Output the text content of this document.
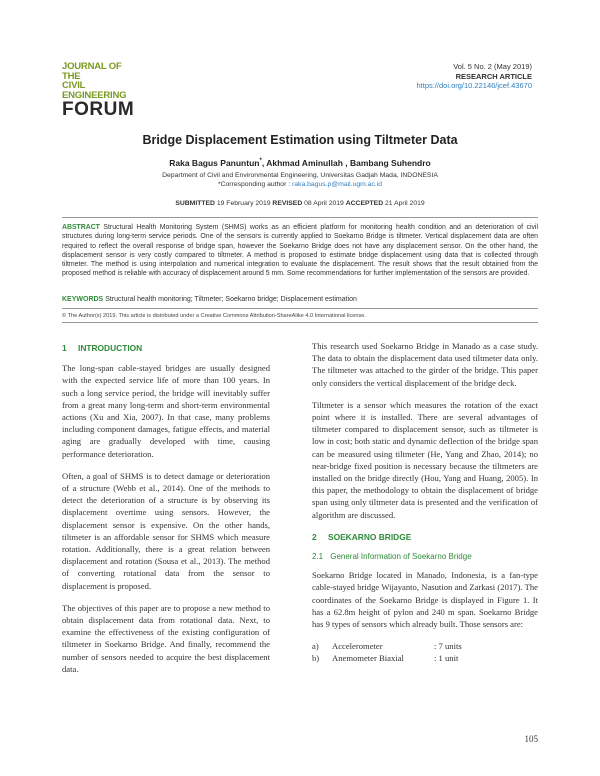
JOURNAL OF THE
CIVIL ENGINEERING
FORUM
Vol. 5 No. 2 (May 2019)
RESEARCH ARTICLE
https://doi.org/10.22146/jcef.43670
Bridge Displacement Estimation using Tiltmeter Data
Raka Bagus Panuntun*, Akhmad Aminullah , Bambang Suhendro
Department of Civil and Environmental Engineering, Universitas Gadjah Mada, INDONESIA
*Corresponding author : raka.bagus.p@mail.ugm.ac.id
SUBMITTED 19 February 2019 REVISED 08 April 2019 ACCEPTED 21 April 2019
ABSTRACT Structural Health Monitoring System (SHMS) works as an efficient platform for monitoring health condition and an deterioration of civil structures during long-term service periods. One of the sensors is currently applied to Soekarno Bridge is tiltmeter. Vertical displacement data are often required to reflect the overall response of bridge span, however the Soekarno Bridge does not have any displacement sensor. On the other hand, the displacement sensor is very costly compared to tiltmeter. A method is proposed to estimate bridge displacement using data that is collected through tiltmeter. The method is using interpolation and numerical integration to evaluate the displacement. The result shows that the result obtained from the proposed method is reliable with accuracy of displacement around 5 mm. Some recommendations for further implementation of the sensors are provided.
KEYWORDS Structural health monitoring; Tiltmeter; Soekarno bridge; Displacement estimation
© The Author(s) 2019. This article is distributed under a Creative Commons Attribution-ShareAlike 4.0 International license.
1 INTRODUCTION

The long-span cable-stayed bridges are usually designed with the expected service life of more than 100 years. In such a long service period, the bridge will inevitably suffer from a great many long-term and short-term environmental actions (Xu and Xia, 2007). In that case, many problems including component damages, fatigue effects, and material aging are gradually developed with time, causing performance deterioration.

Often, a goal of SHMS is to detect damage or deterioration of a structure (Webb et al., 2014). One of the methods to detect the deterioration of a structure is by observing its displacement overtime using sensors. However, the displacement sensor is expensive. On the other hands, tiltmeter is an affordable sensor for SHMS which measure rotation. Additionally, there is a great relation between displacement and rotation (Sousa et al., 2013). The method of converting rotational data from the sensor to displacement is proposed.

The objectives of this paper are to propose a new method to obtain displacement data from rotational data. Next, to examine the effectiveness of the existing configuration of tiltmeter in Soekarno Bridge. And finally, recommend the number of sensors needed to acquire the best displacement data.

This research used Soekarno Bridge in Manado as a case study. The data to obtain the displacement data used tiltmeter data only. The tiltmeter was attached to the girder of the bridge. This paper only considers the vertical displacement of the bridge deck.

Tiltmeter is a sensor which measures the rotation of the exact point where it is installed. There are several advantages of tiltmeter compared to displacement sensor, such as tiltmeter is low in cost; both static and dynamic deflection of the bridge span can be measured using tiltmeter (He, Yang and Zhao, 2014); no near-bridge fixed position is necessary because the tiltmeters are installed on the bridge directly (Hou, Yang and Huang, 2005). In this paper, the methodology to obtain the displacement of bridge span using only tiltmeter data is presented and the verification of algorithm are discussed.

2 SOEKARNO BRIDGE
2.1 General Information of Soekarno Bridge

Soekarno Bridge located in Manado, Indonesia, is a fan-type cable-stayed bridge Wijayanto, Nasution and Zarkasi (2017). The coordinates of the Soekarno Bridge is displayed in Figure 1. It has a 62.8m height of pylon and 240 m span. Soekarno Bridge has 9 types of sensors which already built. Those sensors are:

a)	Accelerometer	: 7 units
b)	Anemometer Biaxial	: 1 unit
105
